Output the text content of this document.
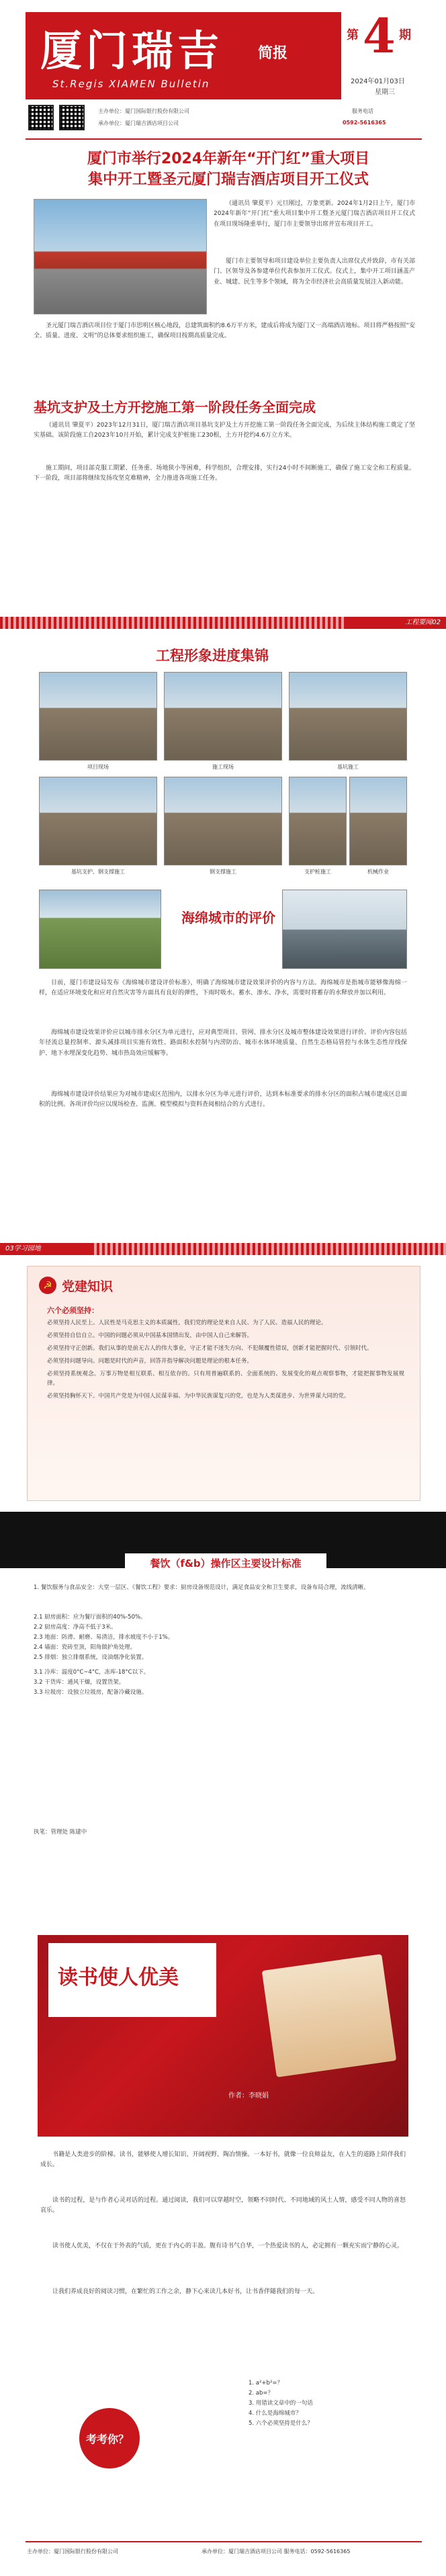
厦门瑞吉 简报
St.Regis XIAMEN Bulletin
第 4 期
2024年01月03日
星期三
主办单位：厦门国际银行股份有限公司
承办单位：厦门瑞吉酒店项目公司
服务电话
0592-5616365
厦门市举行2024年新年“开门红”重大项目
集中开工暨圣元厦门瑞吉酒店项目开工仪式
（通讯员 肇夏平）元旦刚过，万象更新。2024年1月2日上午，厦门市2024年新年“开门红”重大项目集中开工暨圣元厦门瑞吉酒店项目开工仪式在项目现场隆重举行，厦门市主要领导出席并宣布项目开工。
厦门市主要领导和项目建设单位主要负责人出席仪式并致辞，市有关部门、区领导及各参建单位代表参加开工仪式。仪式上，集中开工项目涵盖产业、城建、民生等多个领域，将为全市经济社会高质量发展注入新动能。
圣元厦门瑞吉酒店项目位于厦门市思明区核心地段，总建筑面积约8.6万平方米，建成后将成为厦门又一高端酒店地标。项目将严格按照“安全、质量、进度、文明”的总体要求组织施工，确保项目按期高质量完成。
基坑支护及土方开挖施工第一阶段任务全面完成
（通讯员 肇夏平）2023年12月31日，厦门瑞吉酒店项目基坑支护及土方开挖施工第一阶段任务全面完成，为后续主体结构施工奠定了坚实基础。该阶段施工自2023年10月开始，累计完成支护桩施工230根，土方开挖约4.6万立方米。
施工期间，项目部克服工期紧、任务重、场地狭小等困难，科学组织，合理安排，实行24小时不间断施工，确保了施工安全和工程质量。下一阶段，项目部将继续发扬攻坚克难精神，全力推进各项施工任务。
工程要闻02
工程形象进度集锦
项目现场	施工现场	基坑施工
基坑支护、钢支撑施工	钢支撑施工	支护桩施工	机械作业
海绵城市的评价
日前，厦门市建设局发布《海绵城市建设评价标准》，明确了海绵城市建设效果评价的内容与方法。海绵城市是指城市能够像海绵一样，在适应环境变化和应对自然灾害等方面具有良好的弹性，下雨时吸水、蓄水、渗水、净水，需要时将蓄存的水释放并加以利用。
海绵城市建设效果评价应以城市排水分区为单元进行，应对典型项目、管网、排水分区及城市整体建设效果进行评价。评价内容包括年径流总量控制率、源头减排项目实施有效性、路面积水控制与内涝防治、城市水体环境质量、自然生态格局管控与水体生态性岸线保护、地下水埋深变化趋势、城市热岛效应缓解等。
海绵城市建设评价结果应为对城市建成区范围内，以排水分区为单元进行评价，达到本标准要求的排水分区的面积占城市建成区总面积的比例。各项评价均应以现场检查、监测、模型模拟与资料查阅相结合的方式进行。
03学习园地
☭ 党建知识
六个必须坚持：
必须坚持人民至上。人民性是马克思主义的本质属性，我们党的理论是来自人民、为了人民、造福人民的理论。
必须坚持自信自立。中国的问题必须从中国基本国情出发，由中国人自己来解答。
必须坚持守正创新。我们从事的是前无古人的伟大事业，守正才能不迷失方向、不犯颠覆性错误，创新才能把握时代、引领时代。
必须坚持问题导向。问题是时代的声音，回答并指导解决问题是理论的根本任务。
必须坚持系统观念。万事万物是相互联系、相互依存的。只有用普遍联系的、全面系统的、发展变化的观点观察事物，才能把握事物发展规律。
必须坚持胸怀天下。中国共产党是为中国人民谋幸福、为中华民族谋复兴的党，也是为人类谋进步、为世界谋大同的党。
餐饮（f&b）操作区主要设计标准
1. 餐饮服务与食品安全：大堂一层区、《餐饮工程》要求：厨房设备规范设计，满足食品安全和卫生要求，设备布局合理，流线清晰。
2.1 厨房面积：应为餐厅面积的40%-50%。
2.2 厨房高度：净高不低于3米。
2.3 地面：防滑、耐磨、易清洁，排水坡度不小于1%。
2.4 墙面：瓷砖至顶，阳角做护角处理。
2.5 排烟：独立排烟系统，设油烟净化装置。
3.1 冷库：温度0°C~4°C，冻库-18°C以下。
3.2 干货库：通风干燥，设置货架。
3.3 垃圾房：设独立垃圾房，配备冷藏设施。
执笔：管理处 陈建中
读书使人优美
作者：李晓娟
书籍是人类进步的阶梯。读书，能够使人增长知识、开阔视野、陶冶情操。一本好书，就像一位良师益友，在人生的道路上陪伴我们成长。
读书的过程，是与作者心灵对话的过程。通过阅读，我们可以穿越时空，领略不同时代、不同地域的风土人情，感受不同人物的喜怒哀乐。
读书使人优美，不仅在于外表的气质，更在于内心的丰盈。腹有诗书气自华，一个热爱读书的人，必定拥有一颗充实而宁静的心灵。
让我们养成良好的阅读习惯，在繁忙的工作之余，静下心来读几本好书，让书香伴随我们的每一天。
考考你？
1. a²+b²=？
2. ab=？
3. 用错读文章中的一句话
4. 什么是海绵城市？
5. 六个必须坚持是什么？
主办单位：厦门国际银行股份有限公司	承办单位：厦门瑞吉酒店项目公司 服务电话：0592-5616365
